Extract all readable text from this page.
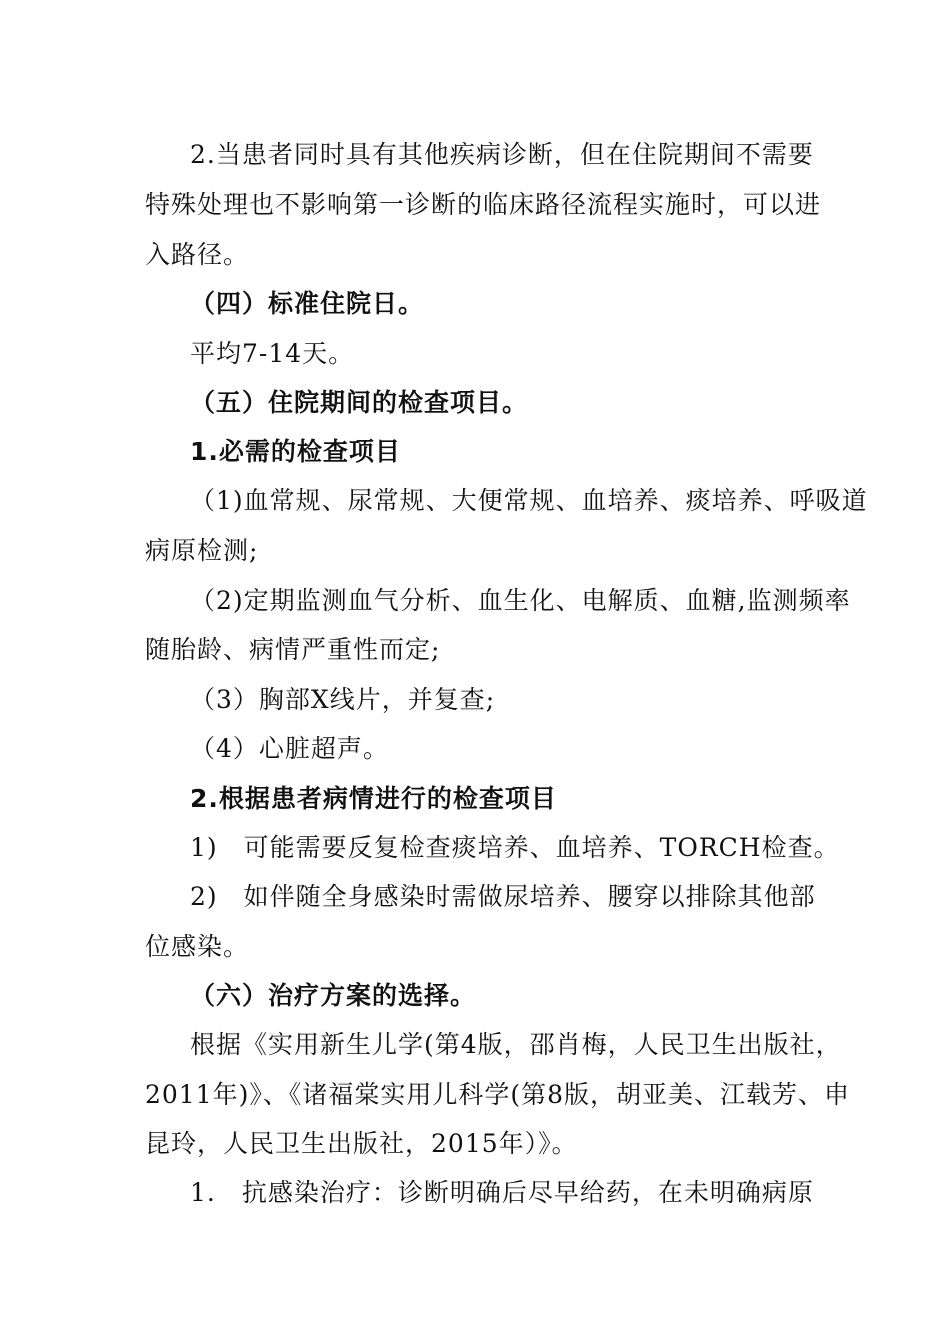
2.当患者同时具有其他疾病诊断，但在住院期间不需要
特殊处理也不影响第一诊断的临床路径流程实施时，可以进
入路径。
（四）标准住院日。
平均7-14天。
（五）住院期间的检查项目。
1.必需的检查项目
（1)血常规、尿常规、大便常规、血培养、痰培养、呼吸道
病原检测;
（2)定期监测血气分析、血生化、电解质、血糖,监测频率
随胎龄、病情严重性而定;
（3）胸部X线片，并复查;
（4）心脏超声。
2.根据患者病情进行的检查项目
1)　可能需要反复检查痰培养、血培养、TORCH检查。
2)　如伴随全身感染时需做尿培养、腰穿以排除其他部
位感染。
（六）治疗方案的选择。
根据《实用新生儿学(第4版，邵肖梅，人民卫生出版社，
2011年)》、《诸福棠实用儿科学(第8版，胡亚美、江载芳、申
昆玲，人民卫生出版社，2015年）》。
1.　抗感染治疗：诊断明确后尽早给药，在未明确病原
